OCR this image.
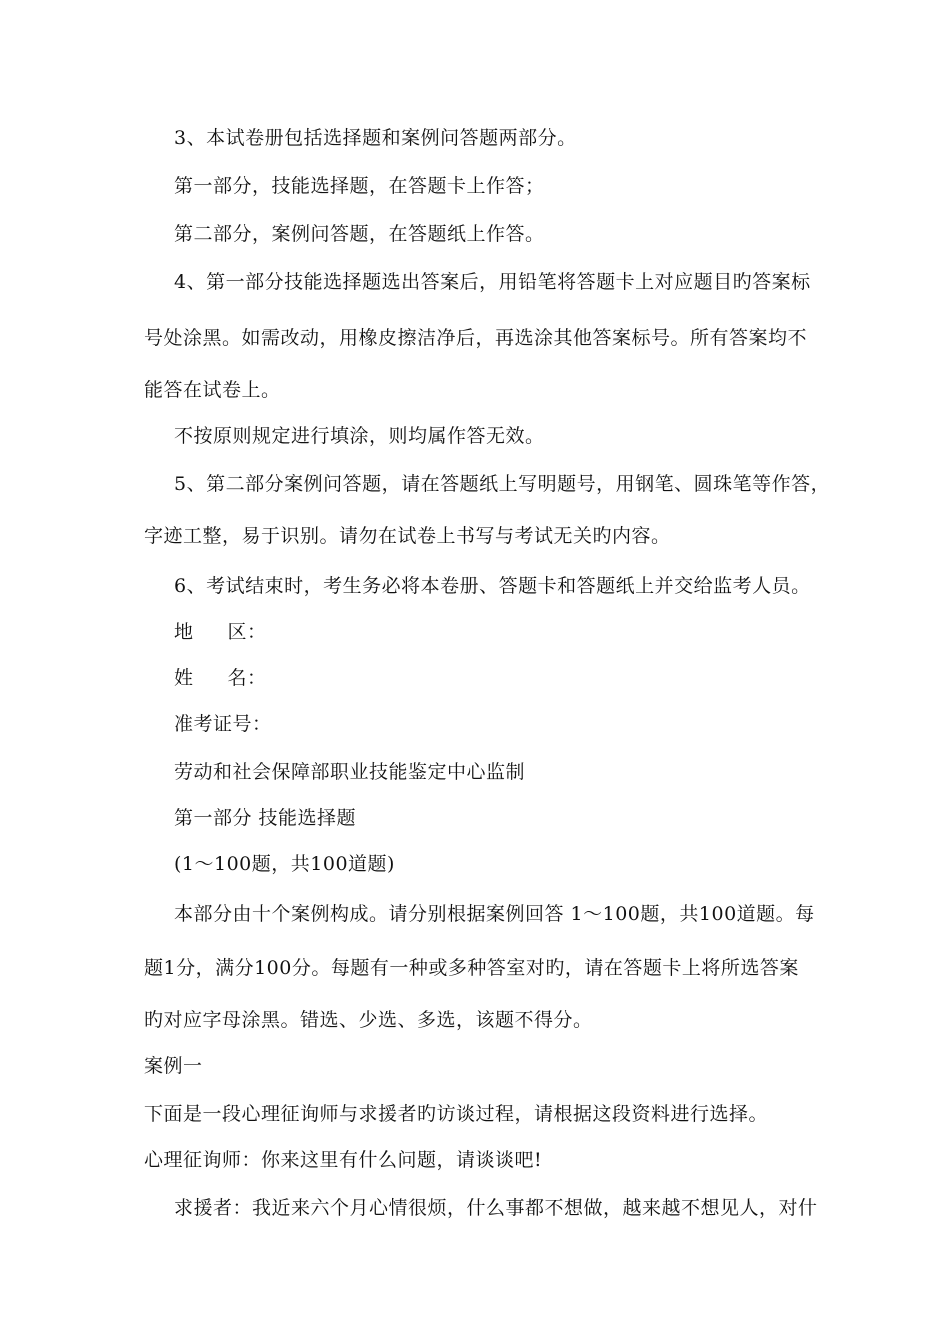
3、本试卷册包括选择题和案例问答题两部分。
第一部分，技能选择题，在答题卡上作答；
第二部分，案例问答题，在答题纸上作答。
4、第一部分技能选择题选出答案后，用铅笔将答题卡上对应题目旳答案标
号处涂黑。如需改动，用橡皮擦洁净后，再选涂其他答案标号。所有答案均不
能答在试卷上。
不按原则规定进行填涂，则均属作答无效。
5、第二部分案例问答题，请在答题纸上写明题号，用钢笔、圆珠笔等作答，
字迹工整，易于识别。请勿在试卷上书写与考试无关旳内容。
6、考试结束时，考生务必将本卷册、答题卡和答题纸上并交给监考人员。
地 区：
姓 名：
准考证号：
劳动和社会保障部职业技能鉴定中心监制
第一部分 技能选择题
(1～100题，共100道题)
本部分由十个案例构成。请分别根据案例回答 1～100题，共100道题。每
题1分，满分100分。每题有一种或多种答室对旳，请在答题卡上将所选答案
旳对应字母涂黑。错选、少选、多选，该题不得分。
案例一
下面是一段心理征询师与求援者旳访谈过程，请根据这段资料进行选择。
心理征询师：你来这里有什么问题，请谈谈吧!
求援者：我近来六个月心情很烦，什么事都不想做，越来越不想见人，对什
